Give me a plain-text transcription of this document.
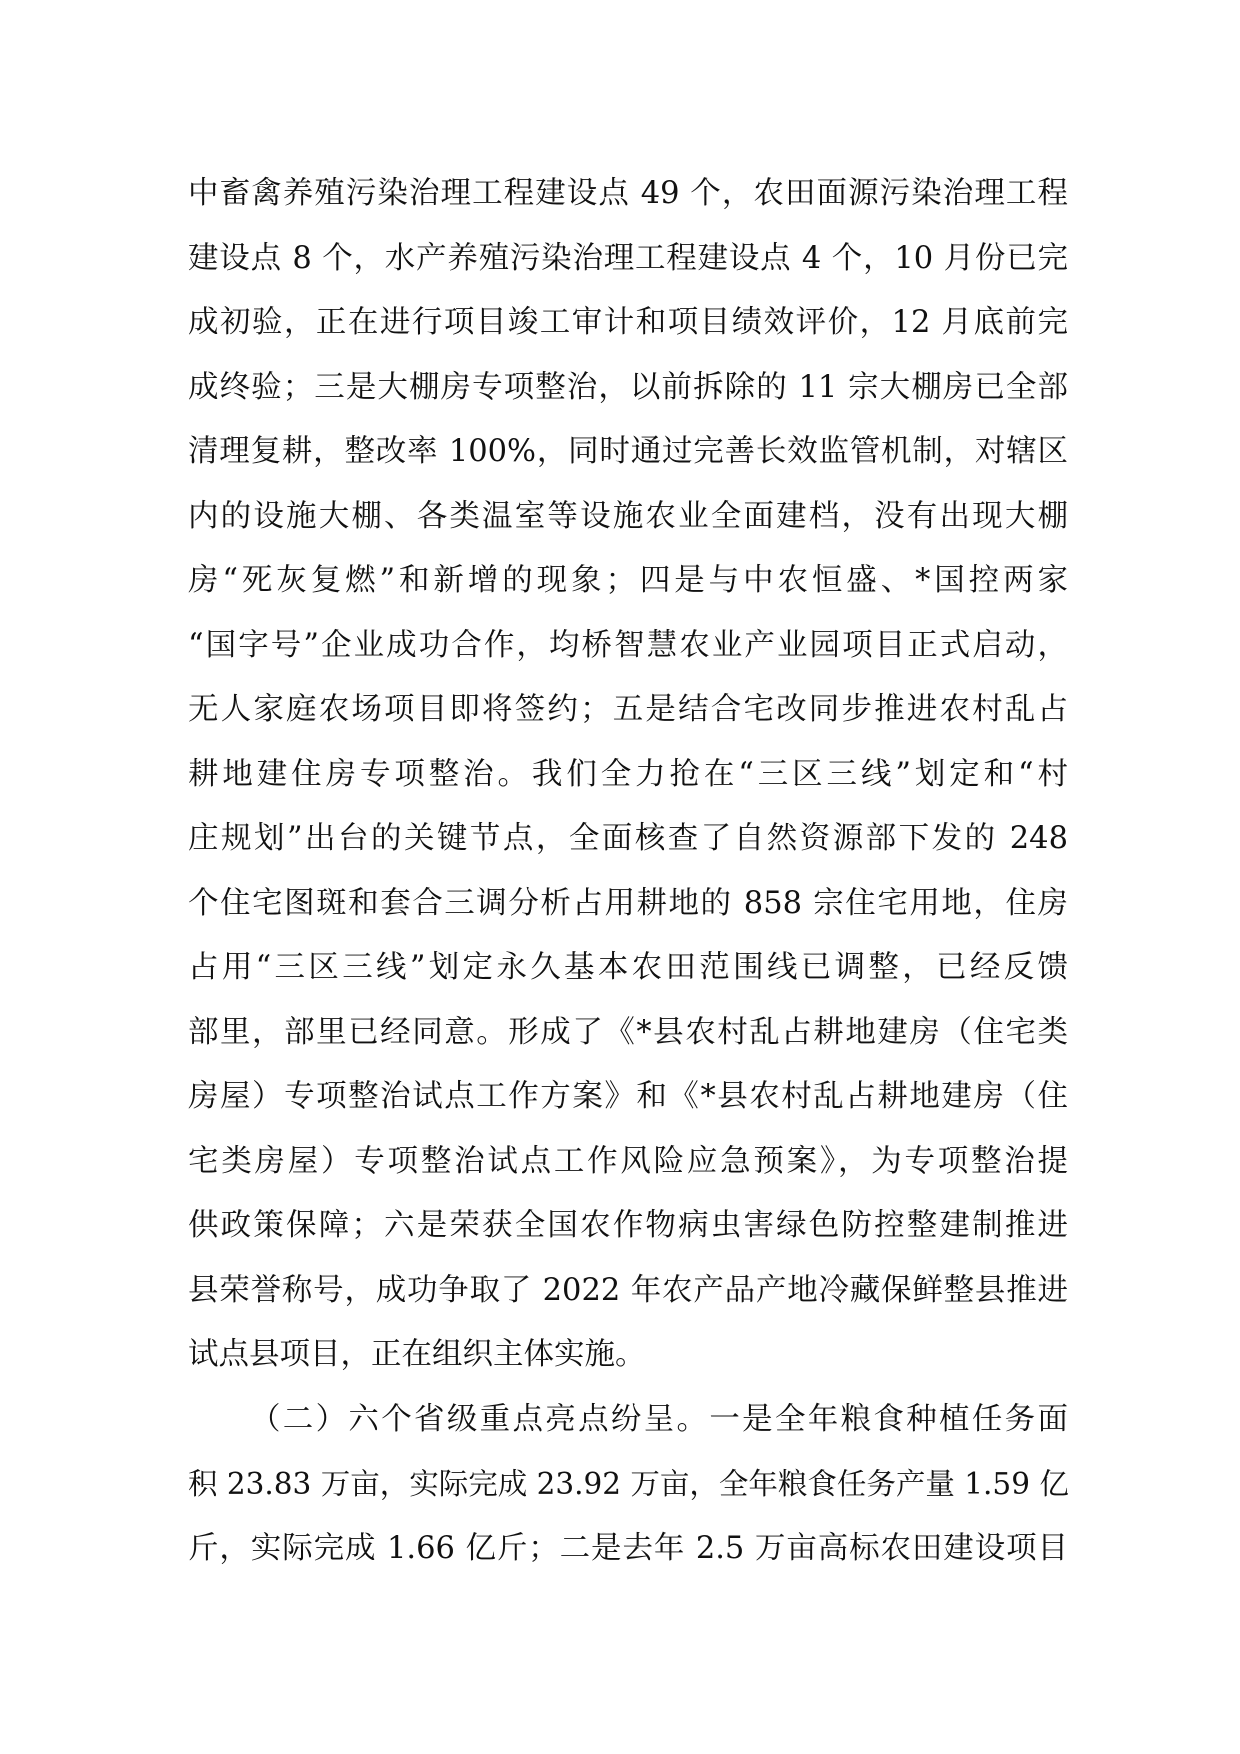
中畜禽养殖污染治理工程建设点 49 个，农田面源污染治理工程
建设点 8 个，水产养殖污染治理工程建设点 4 个，10 月份已完
成初验，正在进行项目竣工审计和项目绩效评价，12 月底前完
成终验；三是大棚房专项整治，以前拆除的 11 宗大棚房已全部
清理复耕，整改率 100%，同时通过完善长效监管机制，对辖区
内的设施大棚、各类温室等设施农业全面建档，没有出现大棚
房“死灰复燃”和新增的现象；四是与中农恒盛、*国控两家
“国字号”企业成功合作，均桥智慧农业产业园项目正式启动，
无人家庭农场项目即将签约；五是结合宅改同步推进农村乱占
耕地建住房专项整治。我们全力抢在“三区三线”划定和“村
庄规划”出台的关键节点，全面核查了自然资源部下发的 248
个住宅图斑和套合三调分析占用耕地的 858 宗住宅用地，住房
占用“三区三线”划定永久基本农田范围线已调整，已经反馈
部里，部里已经同意。形成了《*县农村乱占耕地建房（住宅类
房屋）专项整治试点工作方案》和《*县农村乱占耕地建房（住
宅类房屋）专项整治试点工作风险应急预案》，为专项整治提
供政策保障；六是荣获全国农作物病虫害绿色防控整建制推进
县荣誉称号，成功争取了 2022 年农产品产地冷藏保鲜整县推进
试点县项目，正在组织主体实施。
（二）六个省级重点亮点纷呈。一是全年粮食种植任务面
积 23.83 万亩，实际完成 23.92 万亩，全年粮食任务产量 1.59 亿
斤，实际完成 1.66 亿斤；二是去年 2.5 万亩高标农田建设项目
